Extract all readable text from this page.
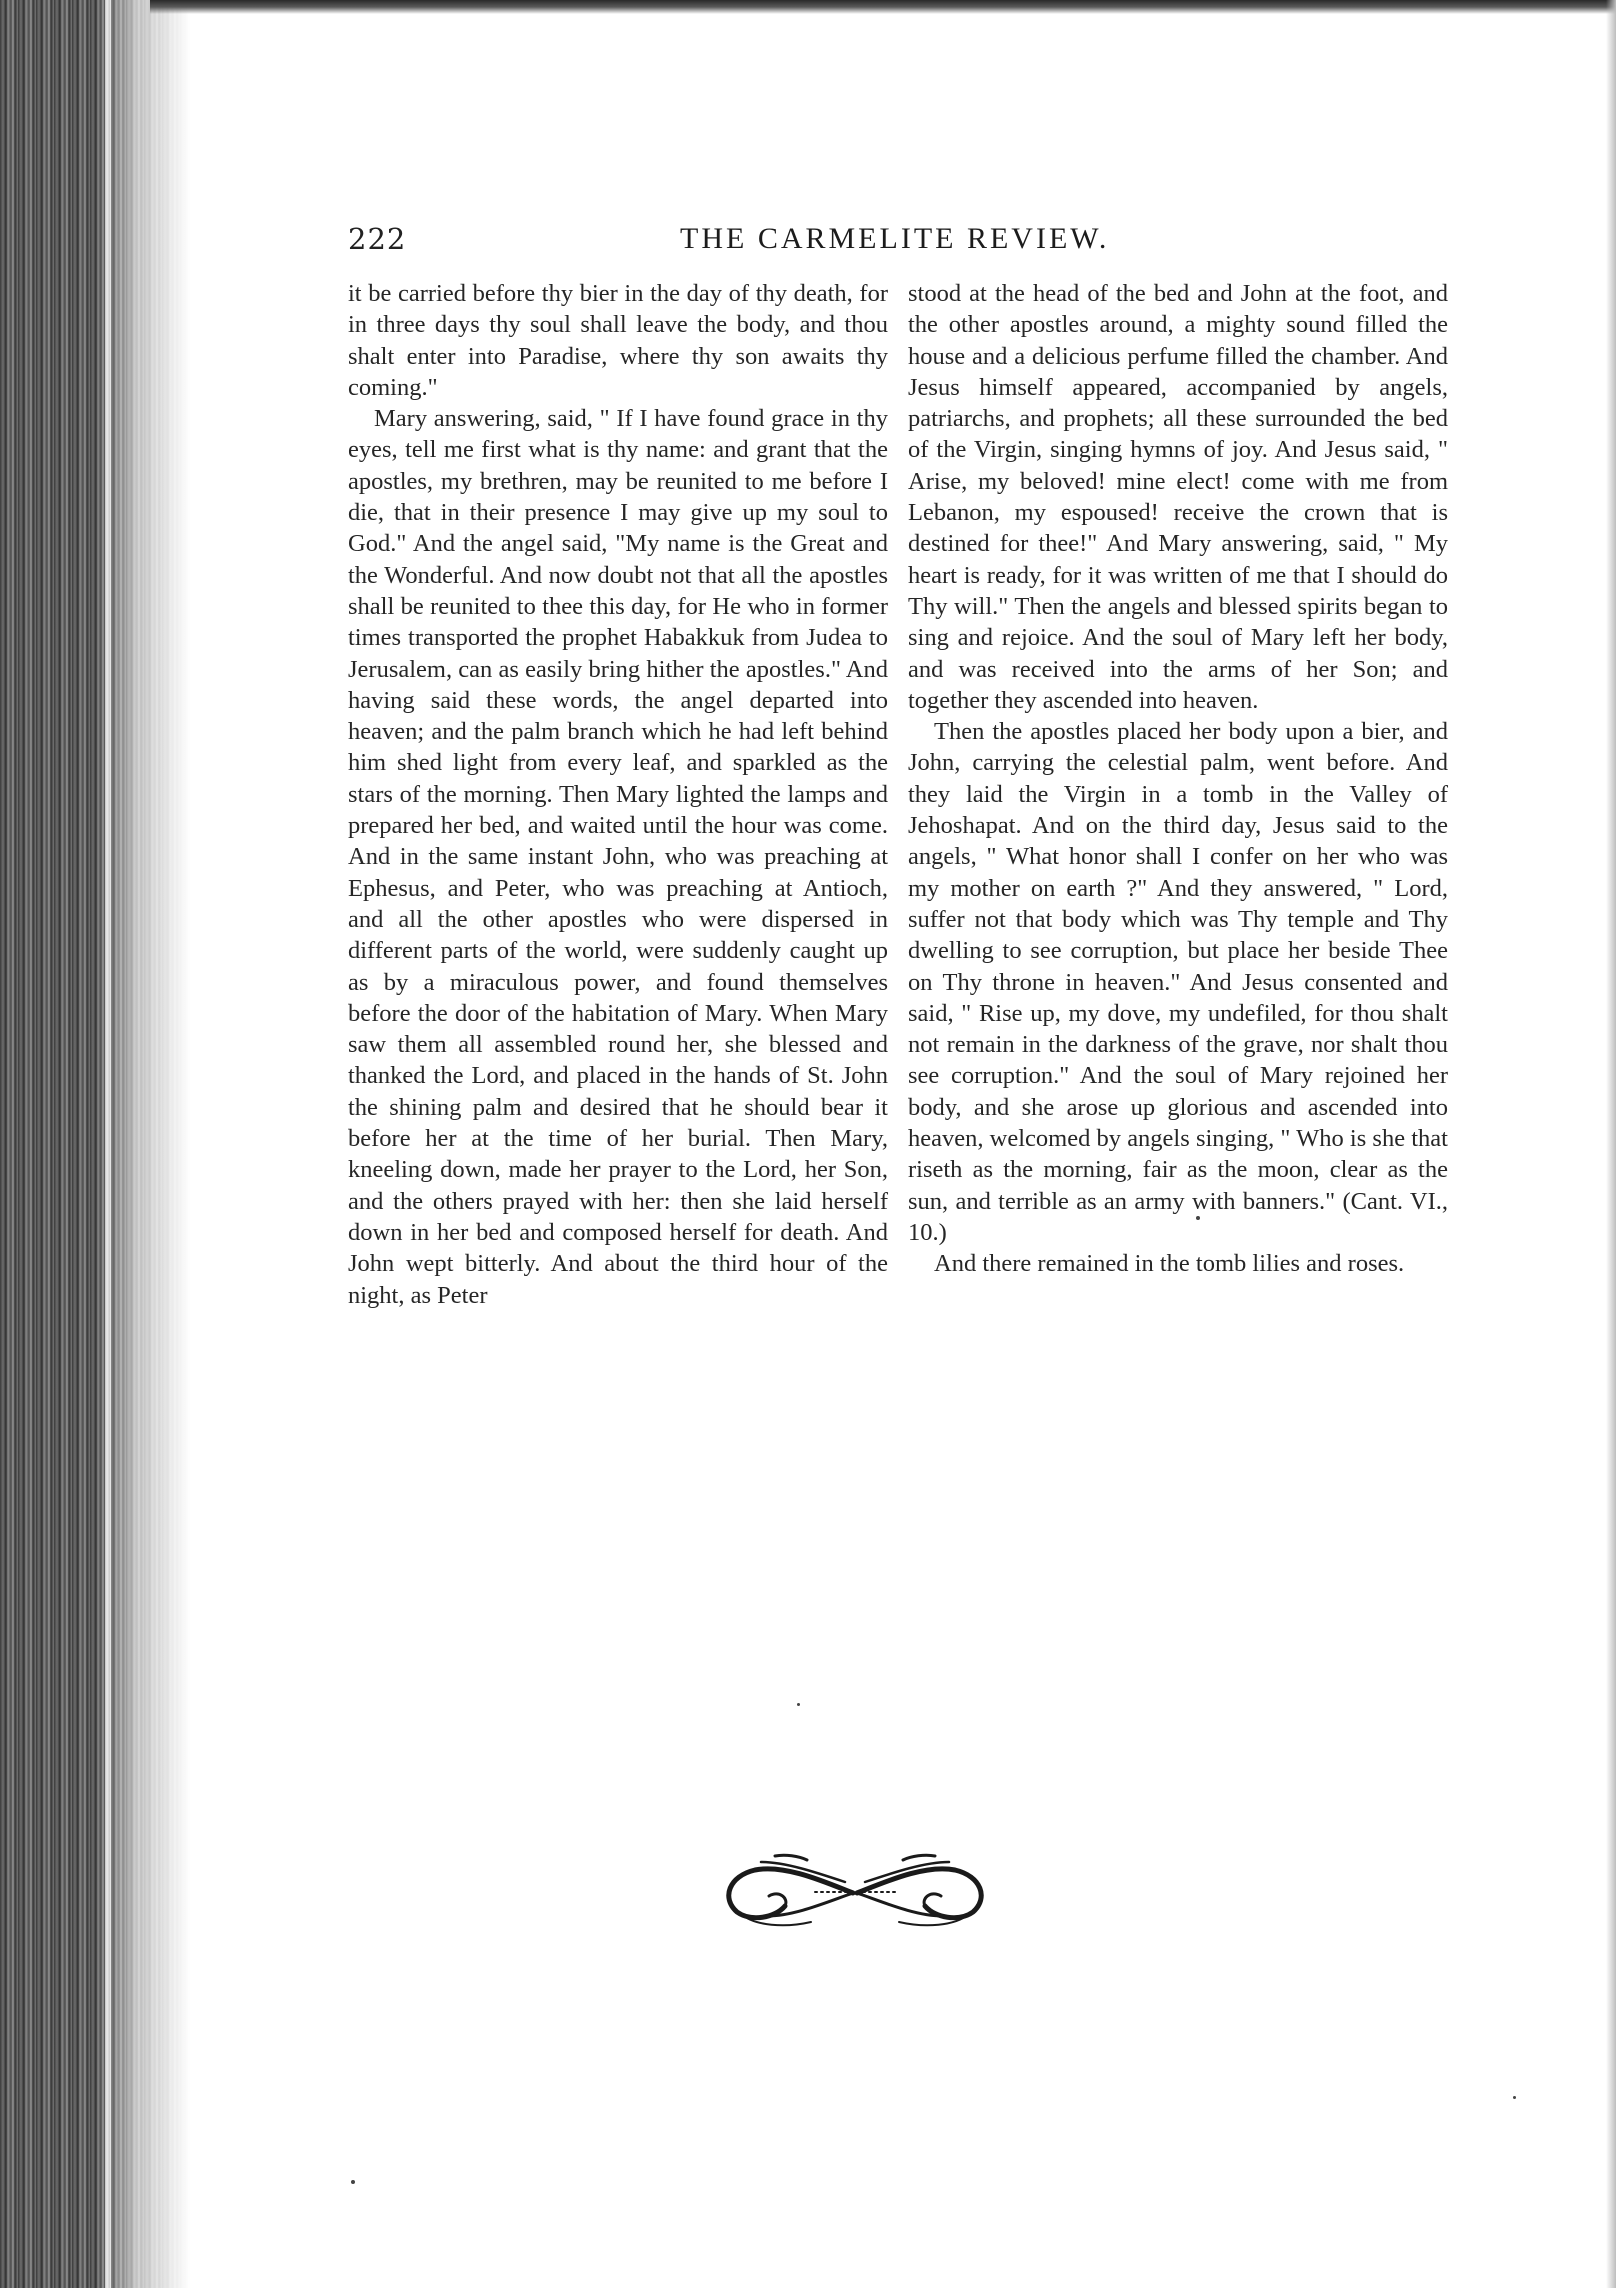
222	THE CARMELITE REVIEW.

it be carried before thy bier in the day of thy death, for in three days thy soul shall leave the body, and thou shalt enter into Paradise, where thy son awaits thy coming."

Mary answering, said, " If I have found grace in thy eyes, tell me first what is thy name: and grant that the apostles, my brethren, may be reunited to me before I die, that in their presence I may give up my soul to God." And the angel said, "My name is the Great and the Wonderful. And now doubt not that all the apostles shall be reunited to thee this day, for He who in former times transported the prophet Habakkuk from Judea to Jerusalem, can as easily bring hither the apostles." And having said these words, the angel departed into heaven; and the palm branch which he had left behind him shed light from every leaf, and sparkled as the stars of the morning. Then Mary lighted the lamps and prepared her bed, and waited until the hour was come. And in the same instant John, who was preaching at Ephesus, and Peter, who was preaching at Antioch, and all the other apostles who were dispersed in different parts of the world, were suddenly caught up as by a miraculous power, and found themselves before the door of the habitation of Mary. When Mary saw them all assembled round her, she blessed and thanked the Lord, and placed in the hands of St. John the shining palm and desired that he should bear it before her at the time of her burial. Then Mary, kneeling down, made her prayer to the Lord, her Son, and the others prayed with her: then she laid herself down in her bed and composed herself for death. And John wept bitterly. And about the third hour of the night, as Peter

stood at the head of the bed and John at the foot, and the other apostles around, a mighty sound filled the house and a delicious perfume filled the chamber. And Jesus himself appeared, accompanied by angels, patriarchs, and prophets; all these surrounded the bed of the Virgin, singing hymns of joy. And Jesus said, " Arise, my beloved! mine elect! come with me from Lebanon, my espoused! receive the crown that is destined for thee!" And Mary answering, said, " My heart is ready, for it was written of me that I should do Thy will." Then the angels and blessed spirits began to sing and rejoice. And the soul of Mary left her body, and was received into the arms of her Son; and together they ascended into heaven.

Then the apostles placed her body upon a bier, and John, carrying the celestial palm, went before. And they laid the Virgin in a tomb in the Valley of Jehoshapat. And on the third day, Jesus said to the angels, " What honor shall I confer on her who was my mother on earth ?" And they answered, " Lord, suffer not that body which was Thy temple and Thy dwelling to see corruption, but place her beside Thee on Thy throne in heaven." And Jesus consented and said, " Rise up, my dove, my undefiled, for thou shalt not remain in the darkness of the grave, nor shalt thou see corruption." And the soul of Mary rejoined her body, and she arose up glorious and ascended into heaven, welcomed by angels singing, " Who is she that riseth as the morning, fair as the moon, clear as the sun, and terrible as an army with banners." (Cant. VI., 10.)

And there remained in the tomb lilies and roses.
